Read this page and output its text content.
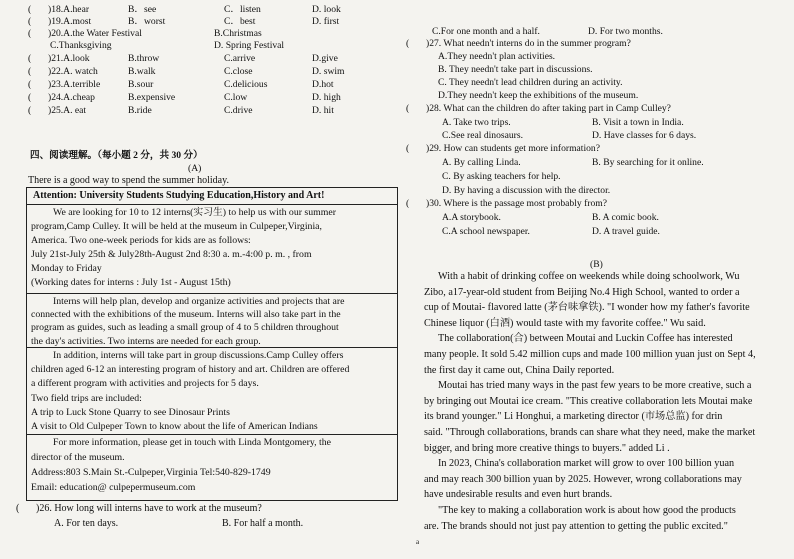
( )18.A.hear	B．see	C．listen	D. look
( )19.A.most	B．worst	C．best	D. first
( )20.A.the Water Festival	B.Christmas
C.Thanksgiving	D. Spring Festival
( )21.A.look	B.throw	C.arrive	D.give
( )22.A. watch	B.walk	C.close	D. swim
( )23.A.terrible	B.sour	C.delicious	D.hot
( )24.A.cheap	B.expensive	C.low	D. high
( )25.A. eat	B.ride	C.drive	D. hit
四、阅读理解。（每小题 2 分，共 30 分）
(A)
There is a good way to spend the summer holiday.
Attention: University Students Studying Education,History and Art!
We are looking for 10 to 12 interns(实习生) to help us with our summer
program,Camp Culley. It will be held at the museum in Culpeper,Virginia,
America. Two one-week periods for kids are as follows:
July 21st-July 25th & July28th-August 2nd 8:30 a. m.-4:00 p. m. , from
Monday to Friday
(Working dates for interns : July 1st - August 15th)
Interns will help plan, develop and organize activities and projects that are
connected with the exhibitions of the museum. Interns will also take part in the
program as guides, such as leading a small group of 4 to 5 children throughout
the day's activities. Two interns are needed for each group.
In addition, interns will take part in group discussions.Camp Culley offers
children aged 6-12 an interesting program of history and art. Children are offered
a different program with activities and projects for 5 days.
Two field trips are included:
A trip to Luck Stone Quarry to see Dinosaur Prints
A visit to Old Culpeper Town to know about the life of American Indians
For more information, please get in touch with Linda Montgomery, the
director of the museum.
Address:803 S.Main St.-Culpeper,Virginia Tel:540-829-1749
Email: education@ culpepermuseum.com
( )26. How long will interns have to work at the museum?
A. For ten days.	B. For half a month.
C.For one month and a half.	D. For two months.
( )27. What needn't interns do in the summer program?
A.They needn't plan activities.
B. They needn't take part in discussions.
C. They needn't lead children during an activity.
D.They needn't keep the exhibitions of the museum.
( )28. What can the children do after taking part in Camp Culley?
A. Take two trips.	B. Visit a town in India.
C.See real dinosaurs.	D. Have classes for 6 days.
( )29. How can students get more information?
A. By calling Linda.	B. By searching for it online.
C. By asking teachers for help.
D. By having a discussion with the director.
( )30. Where is the passage most probably from?
A.A storybook.	B. A comic book.
C.A school newspaper.	D. A travel guide.
(B)
With a habit of drinking coffee on weekends while doing schoolwork, Wu
Zibo, a17-year-old student from Beijing No.4 High School, wanted to order a
cup of Moutai- flavored latte (茅台味拿铁). "I wonder how my father's favorite
Chinese liquor (白酒) would taste with my favorite coffee." Wu said.
The collaboration(合) between Moutai and Luckin Coffee has interested
many people. It sold 5.42 million cups and made 100 million yuan just on Sept 4,
the first day it came out, China Daily reported.
Moutai has tried many ways in the past few years to be more creative, such a
by bringing out Moutai ice cream. "This creative collaboration lets Moutai make
its brand younger." Li Honghui, a marketing director (市场总监) for drin
said. "Through collaborations, brands can share what they need, make the market
bigger, and bring more creative things to buyers." added Li .
In 2023, China's collaboration market will grow to over 100 billion yuan
and may reach 300 billion yuan by 2025. However, wrong collaborations may
have undesirable results and even hurt brands.
"The key to making a collaboration work is about how good the products
are. The brands should not just pay attention to getting the public excited."
a
